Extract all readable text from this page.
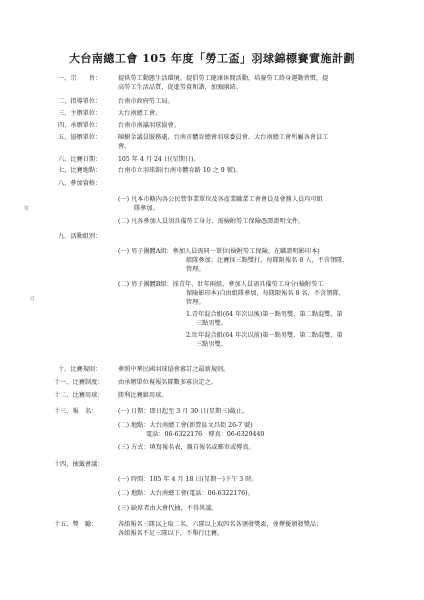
大台南總工會 105 年度「勞工盃」羽球錦標賽實施計劃
裝
訂
一、宗　　旨：	提供勞工動態生活環境、提倡勞工健康休閒活動，培養勞工終身運動習慣，提
高勞工生活品質，促進勞資和諧，加強團結。
二、指導單位：	台南市政府勞工局。
三、主辦單位：	大台南總工會。
四、承辦單位：	台南市南瀛羽球協會。
五、協辦單位：	陳樹金議員服務處、台南市體育總會羽球委員會、大台南總工會所屬各會員工
會。
六、比賽日期：	105 年 4 月 24 日(星期日)。
七、比賽地點：	台南市立羽球館(台南市體育路 10 之 9 號)。
八、參加資格：
(一) 凡本市轄內各公民營事業單位及各產業職業工會會員及會務人員均可組
隊參加。
(二) 凡各參加人員須具備勞工身分，需檢附勞工保險憑證證明文件。
九、活動組別：
(一) 男子團體A組：參加人員需同一單位(檢附勞工保險、在職證明影印本)
組隊參加；比賽採三點雙打，每隊限報名 8 人，不含領隊、
管理。
(二) 男子團體B組：採青年、壯年兩組，參加人員需具備勞工身分(檢附勞工
保險影印本)自由組隊參加，每隊限報名 8 名，不含領隊、
管理。
1.青年混合組(64 年次以後)第一點男雙、第二點混雙、第
三點男雙。
2.壯年混合組(64 年次以前)第一點男雙、第二點混雙、第
三點男雙。
十、比賽規則：	參照中華民國羽球協會審訂之最新規則。
十一、比賽制度： 由承辦單位視報名隊數多寡決定之。
十二、比賽用球： 勝利比賽級用球。
十三、報　名：	(一) 日期：即日起至 3 月 30 日(星期三)截止。
(二) 地點：大台南總工會(新營區文昌街 26-7 號)
電話：06-6322176　傳真：06-6329440
(三) 方式：填寫報名表，親自報名或郵寄或傳真。
十四、抽籤會議：
(一) 時間：105 年 4 月 18 日(星期一)下午 3 時。
(二) 地點：大台南總工會(電話：06-6322176)。
(三) 缺席者由大會代抽，不得異議。
十五、獎　勵：	各組報名三隊以上取二名，六隊以上取四名各頒發獎盃，並擇優頒發獎品；
各組報名不足三隊以下，不舉行比賽。
